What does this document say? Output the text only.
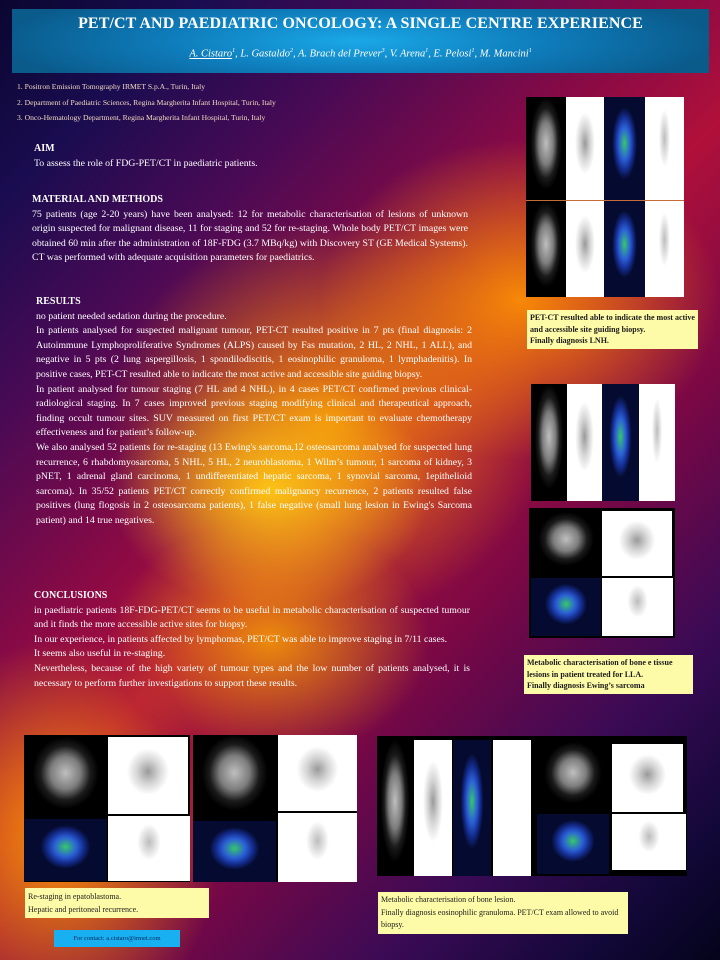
PET/CT AND PAEDIATRIC ONCOLOGY: A SINGLE CENTRE EXPERIENCE
A. Cistaro$^1$, L. Gastaldo$^2$, A. Brach del Prever$^3$, V. Arena$^1$, E. Pelosi$^1$, M. Mancini$^1$
1. Positron Emission Tomography IRMET S.p.A., Turin, Italy
2. Department of Paediatric Sciences, Regina Margherita Infant Hospital, Turin, Italy
3. Onco-Hematology Department, Regina Margherita Infant Hospital, Turin, Italy
AIM

To assess the role of FDG-PET/CT in paediatric patients.

MATERIAL AND METHODS

75 patients (age 2-20 years) have been analysed: 12 for metabolic characterisation of lesions of unknown origin suspected for malignant disease, 11 for staging and 52 for re-staging. Whole body PET/CT images were obtained 60 min after the administration of 18F-FDG (3.7 MBq/kg) with Discovery ST (GE Medical Systems). CT was performed with adequate acquisition parameters for paediatrics.

RESULTS

no patient needed sedation during the procedure.

In patients analysed for suspected malignant tumour, PET-CT resulted positive in 7 pts (final diagnosis: 2 Autoimmune Lymphoproliferative Syndromes (ALPS) caused by Fas mutation, 2 HL, 2 NHL, 1 ALL), and negative in 5 pts (2 lung aspergillosis, 1 spondilodiscitis, 1 eosinophilic granuloma, 1 lymphadenitis). In positive cases, PET-CT resulted able to indicate the most active and accessible site guiding biopsy.

In patient analysed for tumour staging (7 HL and 4 NHL), in 4 cases PET/CT confirmed previous clinical-radiological staging. In 7 cases improved previous staging modifying clinical and therapeutical approach, finding occult tumour sites. SUV measured on first PET/CT exam is important to evaluate chemotherapy effectiveness and for patient’s follow-up.

We also analysed 52 patients for re-staging (13 Ewing's sarcoma,12 osteosarcoma analysed for suspected lung recurrence, 6 rhabdomyosarcoma, 5 NHL, 5 HL, 2 neuroblastoma, 1 Wilm’s tumour, 1 sarcoma of kidney, 3 pNET, 1 adrenal gland carcinoma, 1 undifferentiated hepatic sarcoma, 1 synovial sarcoma, 1epithelioid sarcoma). In 35/52 patients PET/CT correctly confirmed malignancy recurrence, 2 patients resulted false positives (lung flogosis in 2 osteosarcoma patients), 1 false negative (small lung lesion in Ewing's Sarcoma patient) and 14 true negatives.

CONCLUSIONS

in paediatric patients 18F-FDG-PET/CT seems to be useful in metabolic characterisation of suspected tumour and it finds the more accessible active sites for biopsy.

In our experience, in patients affected by lymphomas, PET/CT was able to improve staging in 7/11 cases.

It seems also useful in re-staging.

Nevertheless, because of the high variety of tumour types and the low number of patients analysed, it is necessary to perform further investigations to support these results.

PET-CT resulted able to indicate the most active and accessible site guiding biopsy.
Finally diagnosis LNH.
Metabolic characterisation of bone e tissue lesions in patient treated for LLA.
Finally diagnosis Ewing’s sarcoma
Re-staging in epatoblastoma.
Hepatic and peritoneal recurrence.
Metabolic characterisation of bone lesion.
Finally diagnosis eosinophilic granuloma. PET/CT exam allowed to avoid biopsy.
For contact: a.cistaro@irmet.com
